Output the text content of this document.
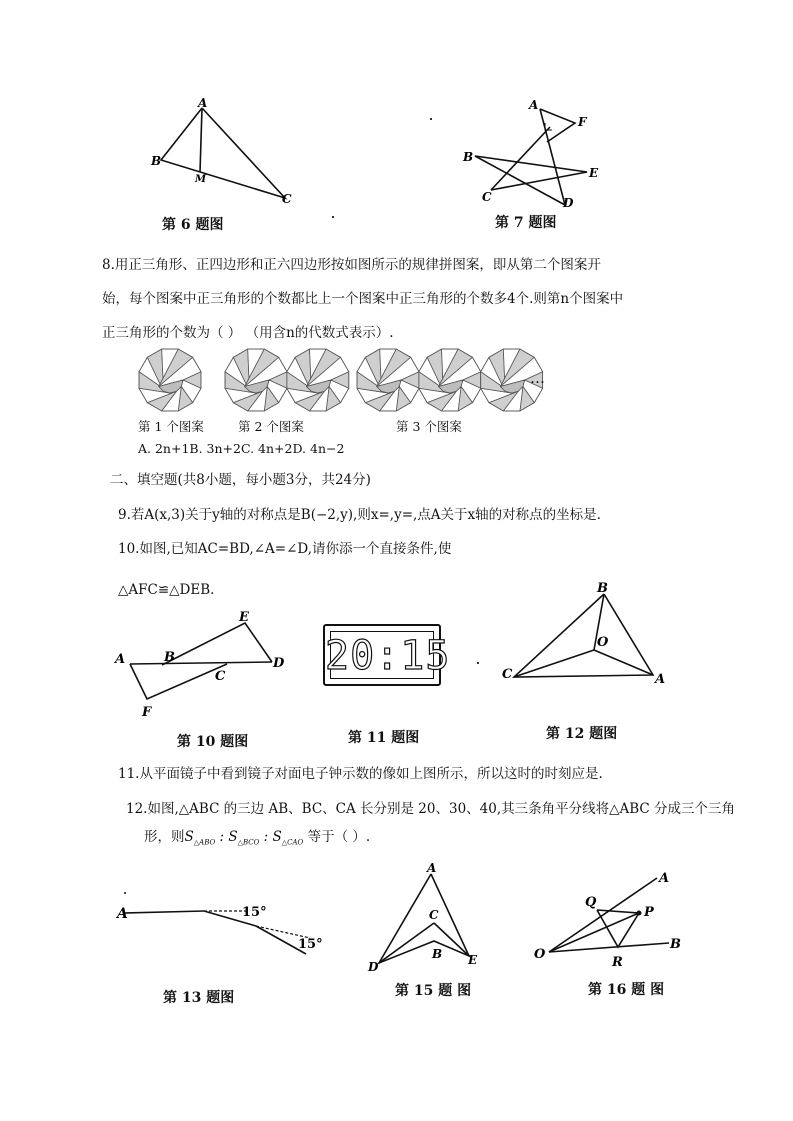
A
B
M
C
第 6 题图
A
F
B
E
C	D
第 7 题图
8.用正三角形、正四边形和正六四边形按如图所示的规律拼图案，即从第二个图案开
始，每个图案中正三角形的个数都比上一个图案中正三角形的个数多4个.则第n个图案中
正三角形的个数为（ ） （用含n的代数式表示）.
…
第 1 个图案	第 2 个图案	第 3 个图案
A. 2n+1B. 3n+2C. 4n+2D. 4n−2
二、填空题(共8小题，每小题3分，共24分)
9.若A(x,3)关于y轴的对称点是B(−2,y),则x=,y=,点A关于x轴的对称点的坐标是.
10.如图,已知AC=BD,∠A=∠D,请你添一个直接条件,使
△AFC≌△DEB.
A	B
C
D
E
F
第 10 题图
20:15
第 11 题图
B
O
C	A
第 12 题图
11.从平面镜子中看到镜子对面电子钟示数的像如上图所示，所以这时的时刻应是.
12.如图,△ABC 的三边 AB、BC、CA 长分别是 20、30、40,其三条角平分线将△ABC 分成三个三角
形，则$S_{\triangle ABO}$ : $S_{\triangle BCO}$ : $S_{\triangle CAO}$ 等于（ ）.
A	15°
15°
第 13 题图
A
C
B
D	E
第 15 题 图
A
Q
P
O
B
R
第 16 题 图
